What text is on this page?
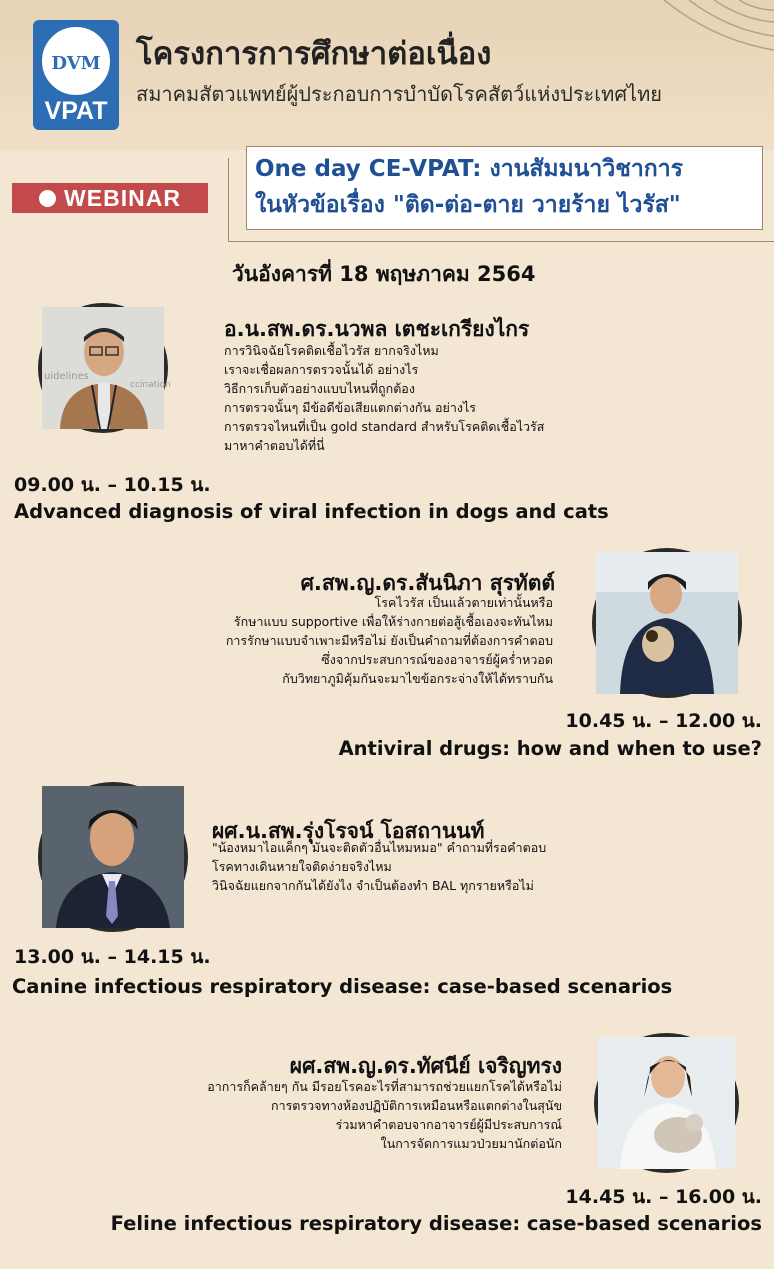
DVM
VPAT
โครงการการศึกษาต่อเนื่อง
สมาคมสัตวแพทย์ผู้ประกอบการบำบัดโรคสัตว์แห่งประเทศไทย
WEBINAR
One day CE-VPAT: งานสัมมนาวิชาการ
ในหัวข้อเรื่อง "ติด-ต่อ-ตาย วายร้าย ไวรัส"
วันอังคารที่ 18 พฤษภาคม 2564
uidelines
ccination
อ.น.สพ.ดร.นวพล เตชะเกรียงไกร
การวินิจฉัยโรคติดเชื้อไวรัส ยากจริงไหม
เราจะเชื่อผลการตรวจนั้นได้ อย่างไร
วิธีการเก็บตัวอย่างแบบไหนที่ถูกต้อง
การตรวจนั้นๆ มีข้อดีข้อเสียแตกต่างกัน อย่างไร
การตรวจไหนที่เป็น gold standard สำหรับโรคติดเชื้อไวรัส
มาหาคำตอบได้ที่นี่
09.00 น. – 10.15 น.
Advanced diagnosis of viral infection in dogs and cats
ศ.สพ.ญ.ดร.สันนิภา สุรทัตต์
โรคไวรัส เป็นแล้วตายเท่านั้นหรือ
รักษาแบบ supportive เพื่อให้ร่างกายต่อสู้เชื้อเองจะทันไหม
การรักษาแบบจำเพาะมีหรือไม่ ยังเป็นคำถามที่ต้องการคำตอบ
ซึ่งจากประสบการณ์ของอาจารย์ผู้คร่ำหวอด
กับวิทยาภูมิคุ้มกันจะมาไขข้อกระจ่างให้ได้ทราบกัน
10.45 น. – 12.00 น.
Antiviral drugs: how and when to use?
ผศ.น.สพ.รุ่งโรจน์ โอสถานนท์
"น้องหมาไอแค็กๆ มันจะติดตัวอื่นไหมหมอ" คำถามที่รอคำตอบ
โรคทางเดินหายใจติดง่ายจริงไหม
วินิจฉัยแยกจากกันได้ยังไง จำเป็นต้องทำ BAL ทุกรายหรือไม่
13.00 น. – 14.15 น.
Canine infectious respiratory disease: case-based scenarios
ผศ.สพ.ญ.ดร.ทัศนีย์ เจริญทรง
อาการก็คล้ายๆ กัน มีรอยโรคอะไรที่สามารถช่วยแยกโรคได้หรือไม่
การตรวจทางห้องปฏิบัติการเหมือนหรือแตกต่างในสุนัข
ร่วมหาคำตอบจากอาจารย์ผู้มีประสบการณ์
ในการจัดการแมวป่วยมานักต่อนัก
14.45 น. – 16.00 น.
Feline infectious respiratory disease: case-based scenarios
